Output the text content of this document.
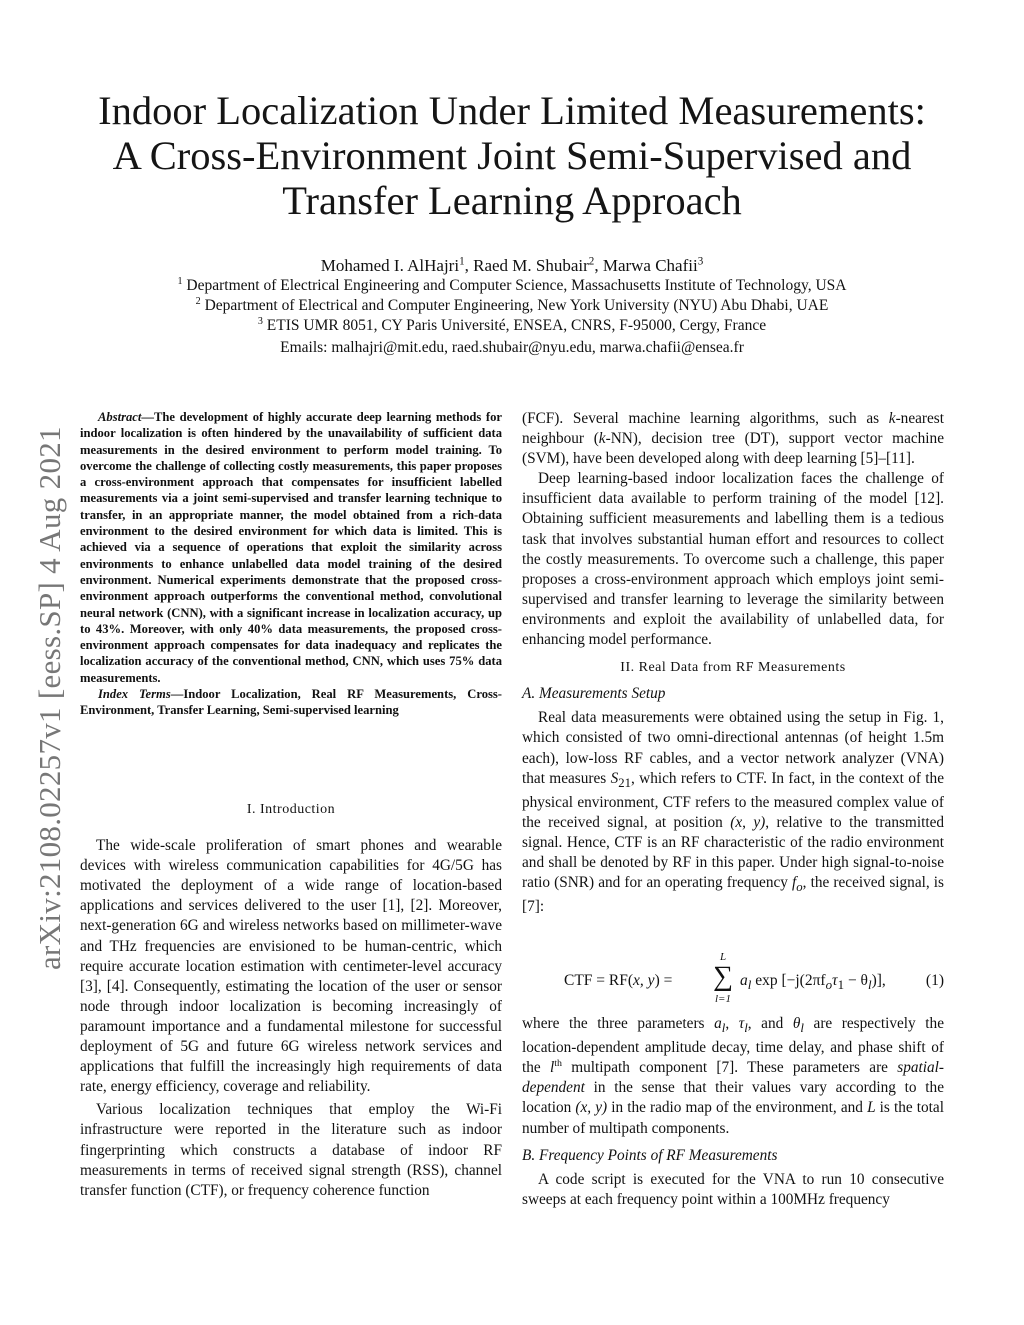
arXiv:2108.02257v1 [eess.SP] 4 Aug 2021
Indoor Localization Under Limited Measurements:
A Cross-Environment Joint Semi-Supervised and
Transfer Learning Approach
Mohamed I. AlHajri$^1$, Raed M. Shubair$^2$, Marwa Chafii$^3$
$^1$ Department of Electrical Engineering and Computer Science, Massachusetts Institute of Technology, USA
$^2$ Department of Electrical and Computer Engineering, New York University (NYU) Abu Dhabi, UAE
$^3$ ETIS UMR 8051, CY Paris Université, ENSEA, CNRS, F-95000, Cergy, France
Emails: malhajri@mit.edu, raed.shubair@nyu.edu, marwa.chafii@ensea.fr

Abstract—The development of highly accurate deep learning methods for indoor localization is often hindered by the unavailability of sufficient data measurements in the desired environment to perform model training. To overcome the challenge of collecting costly measurements, this paper proposes a cross-environment approach that compensates for insufficient labelled measurements via a joint semi-supervised and transfer learning technique to transfer, in an appropriate manner, the model obtained from a rich-data environment to the desired environment for which data is limited. This is achieved via a sequence of operations that exploit the similarity across environments to enhance unlabelled data model training of the desired environment. Numerical experiments demonstrate that the proposed cross-environment approach outperforms the conventional method, convolutional neural network (CNN), with a significant increase in localization accuracy, up to 43%. Moreover, with only 40% data measurements, the proposed cross-environment approach compensates for data inadequacy and replicates the localization accuracy of the conventional method, CNN, which uses 75% data measurements.

Index Terms—Indoor Localization, Real RF Measurements, Cross-Environment, Transfer Learning, Semi-supervised learning

I. Introduction

The wide-scale proliferation of smart phones and wearable devices with wireless communication capabilities for 4G/5G has motivated the deployment of a wide range of location-based applications and services delivered to the user [1], [2]. Moreover, next-generation 6G and wireless networks based on millimeter-wave and THz frequencies are envisioned to be human-centric, which require accurate location estimation with centimeter-level accuracy [3], [4]. Consequently, estimating the location of the user or sensor node through indoor localization is becoming increasingly of paramount importance and a fundamental milestone for successful deployment of 5G and future 6G wireless network services and applications that fulfill the increasingly high requirements of data rate, energy efficiency, coverage and reliability.

Various localization techniques that employ the Wi-Fi infrastructure were reported in the literature such as indoor fingerprinting which constructs a database of indoor RF measurements in terms of received signal strength (RSS), channel transfer function (CTF), or frequency coherence function

(FCF). Several machine learning algorithms, such as k-nearest neighbour (k-NN), decision tree (DT), support vector machine (SVM), have been developed along with deep learning [5]–[11].

Deep learning-based indoor localization faces the challenge of insufficient data available to perform training of the model [12]. Obtaining sufficient measurements and labelling them is a tedious task that involves substantial human effort and resources to collect the costly measurements. To overcome such a challenge, this paper proposes a cross-environment approach which employs joint semi-supervised and transfer learning to leverage the similarity between environments and exploit the availability of unlabelled data, for enhancing model performance.

II. Real Data from RF Measurements

A. Measurements Setup

Real data measurements were obtained using the setup in Fig. 1, which consisted of two omni-directional antennas (of height 1.5m each), low-loss RF cables, and a vector network analyzer (VNA) that measures $S_{21}$, which refers to CTF. In fact, in the context of the physical environment, CTF refers to the measured complex value of the received signal, at position (x, y), relative to the transmitted signal. Hence, CTF is an RF characteristic of the radio environment and shall be denoted by RF in this paper. Under high signal-to-noise ratio (SNR) and for an operating frequency $f_o$, the received signal, is [7]:

CTF = RF(x, y) =
L
∑
l=1
$a_l$ $\exp [-j(2\pi f_o\tau_1 - \theta_l)]$,	(1)

where the three parameters $a_l$, $\tau_l$, and $\theta_l$ are respectively the location-dependent amplitude decay, time delay, and phase shift of the $l^{th}$ multipath component [7]. These parameters are spatial-dependent in the sense that their values vary according to the location (x, y) in the radio map of the environment, and L is the total number of multipath components.

B. Frequency Points of RF Measurements

A code script is executed for the VNA to run 10 consecutive sweeps at each frequency point within a 100MHz frequency
